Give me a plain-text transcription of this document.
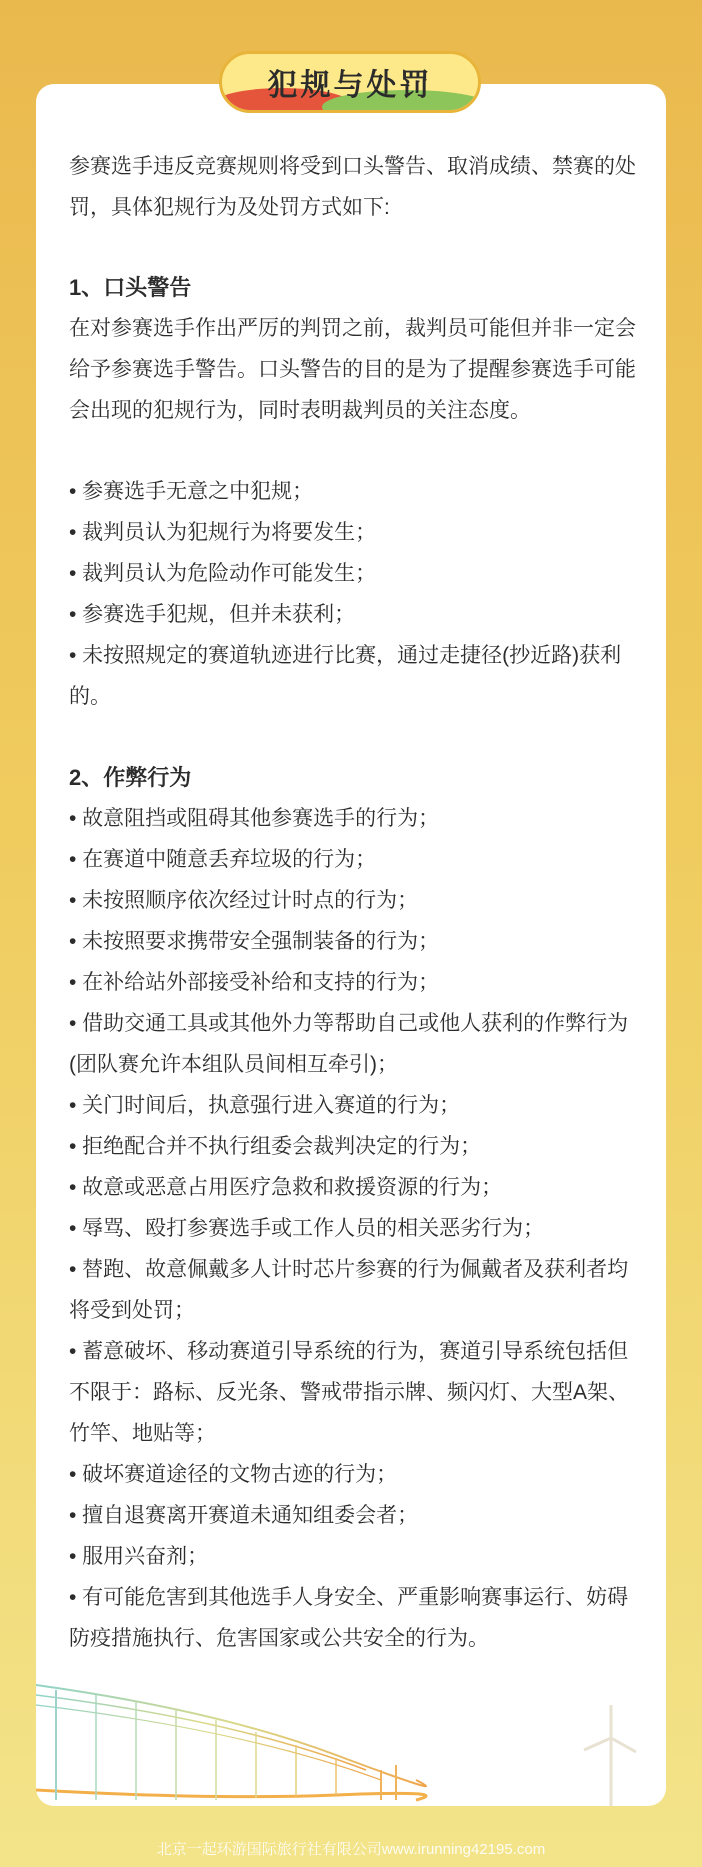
犯规与处罚

参赛选手违反竞赛规则将受到口头警告、取消成绩、禁赛的处罚，具体犯规行为及处罚方式如下:

1、口头警告

在对参赛选手作出严厉的判罚之前，裁判员可能但并非一定会给予参赛选手警告。口头警告的目的是为了提醒参赛选手可能会出现的犯规行为，同时表明裁判员的关注态度。

• 参赛选手无意之中犯规；

• 裁判员认为犯规行为将要发生；

• 裁判员认为危险动作可能发生；

• 参赛选手犯规，但并未获利；

• 未按照规定的赛道轨迹进行比赛，通过走捷径(抄近路)获利的。

2、作弊行为

• 故意阻挡或阻碍其他参赛选手的行为；

• 在赛道中随意丢弃垃圾的行为；

• 未按照顺序依次经过计时点的行为；

• 未按照要求携带安全强制装备的行为；

• 在补给站外部接受补给和支持的行为；

• 借助交通工具或其他外力等帮助自己或他人获利的作弊行为(团队赛允许本组队员间相互牵引)；

• 关门时间后，执意强行进入赛道的行为；

• 拒绝配合并不执行组委会裁判决定的行为；

• 故意或恶意占用医疗急救和救援资源的行为；

• 辱骂、殴打参赛选手或工作人员的相关恶劣行为；

• 替跑、故意佩戴多人计时芯片参赛的行为佩戴者及获利者均将受到处罚；

• 蓄意破坏、移动赛道引导系统的行为，赛道引导系统包括但不限于：路标、反光条、警戒带指示牌、频闪灯、大型A架、竹竿、地贴等；

• 破坏赛道途径的文物古迹的行为；

• 擅自退赛离开赛道未通知组委会者；

• 服用兴奋剂；

• 有可能危害到其他选手人身安全、严重影响赛事运行、妨碍防疫措施执行、危害国家或公共安全的行为。

北京一起环游国际旅行社有限公司www.irunning42195.com
